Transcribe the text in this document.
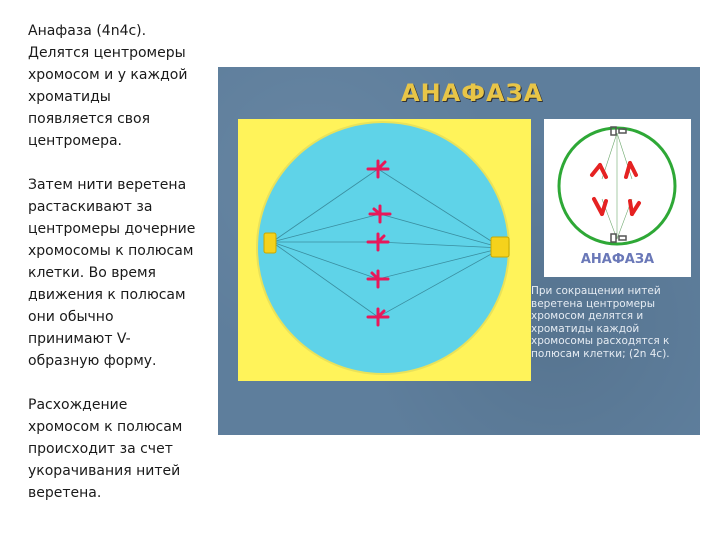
Анафаза (4n4c). Делятся центромеры хромосом и у каждой хроматиды появляется своя центромера.

Затем нити веретена растаскивают за центромеры дочерние хромосомы к полюсам клетки. Во время движения к полюсам они обычно принимают V-образную форму.

Расхождение хромосом к полюсам происходит за счет укорачивания нитей веретена.

АНАФАЗА
АНАФАЗА
При сокращении нитей веретена центромеры хромосом делятся и хроматиды каждой хромосомы расходятся к полюсам клетки; (2n 4c).
